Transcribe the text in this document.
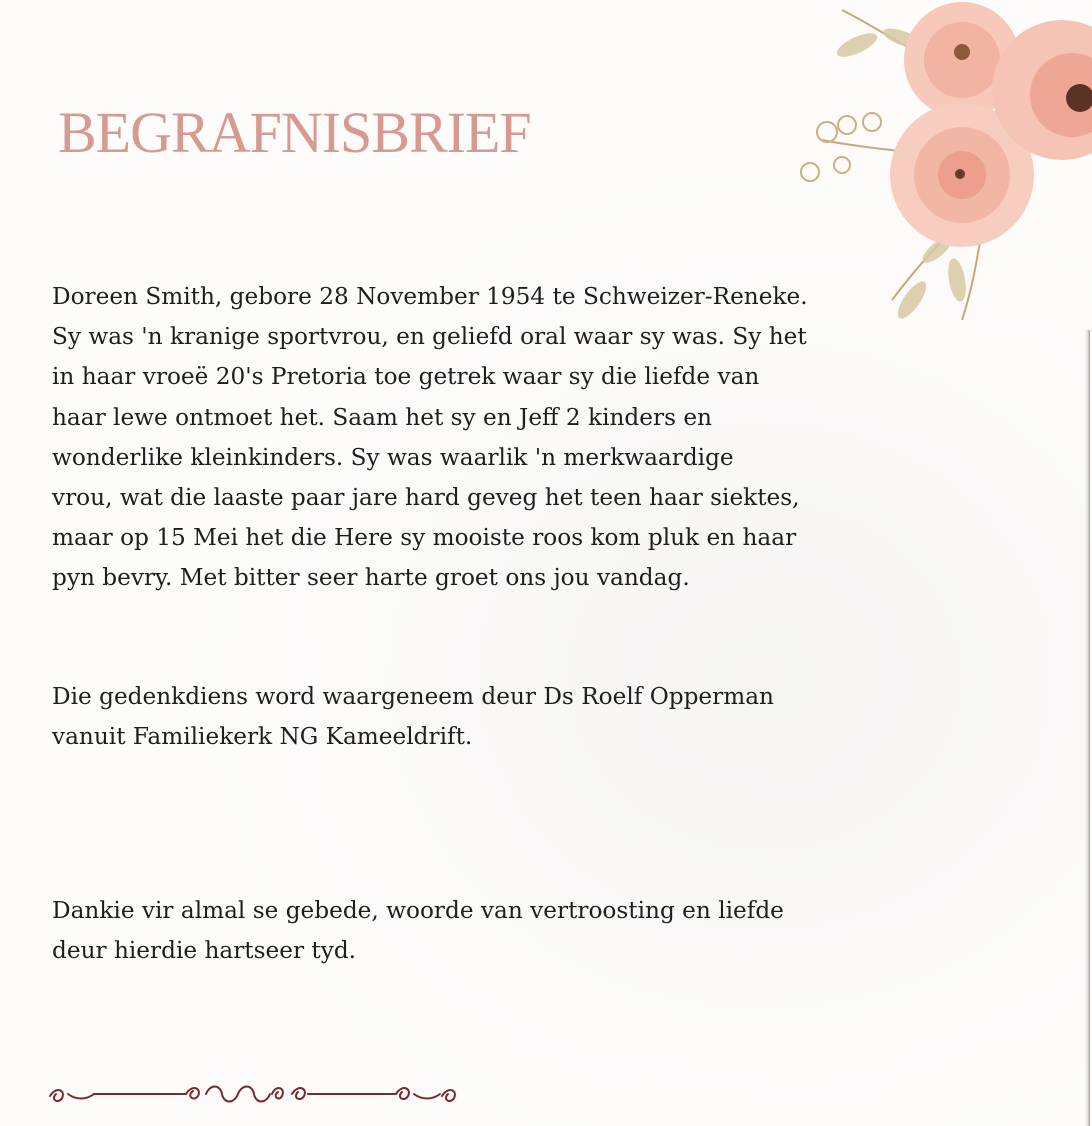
BEGRAFNISBRIEF

Doreen Smith, gebore 28 November 1954 te Schweizer-Reneke.
Sy was 'n kranige sportvrou, en geliefd oral waar sy was. Sy het
in haar vroeë 20's Pretoria toe getrek waar sy die liefde van
haar lewe ontmoet het. Saam het sy en Jeff 2 kinders en
wonderlike kleinkinders. Sy was waarlik 'n merkwaardige
vrou, wat die laaste paar jare hard geveg het teen haar siektes,
maar op 15 Mei het die Here sy mooiste roos kom pluk en haar
pyn bevry. Met bitter seer harte groet ons jou vandag.

Die gedenkdiens word waargeneem deur Ds Roelf Opperman
vanuit Familiekerk NG Kameeldrift.

Dankie vir almal se gebede, woorde van vertroosting en liefde
deur hierdie hartseer tyd.
